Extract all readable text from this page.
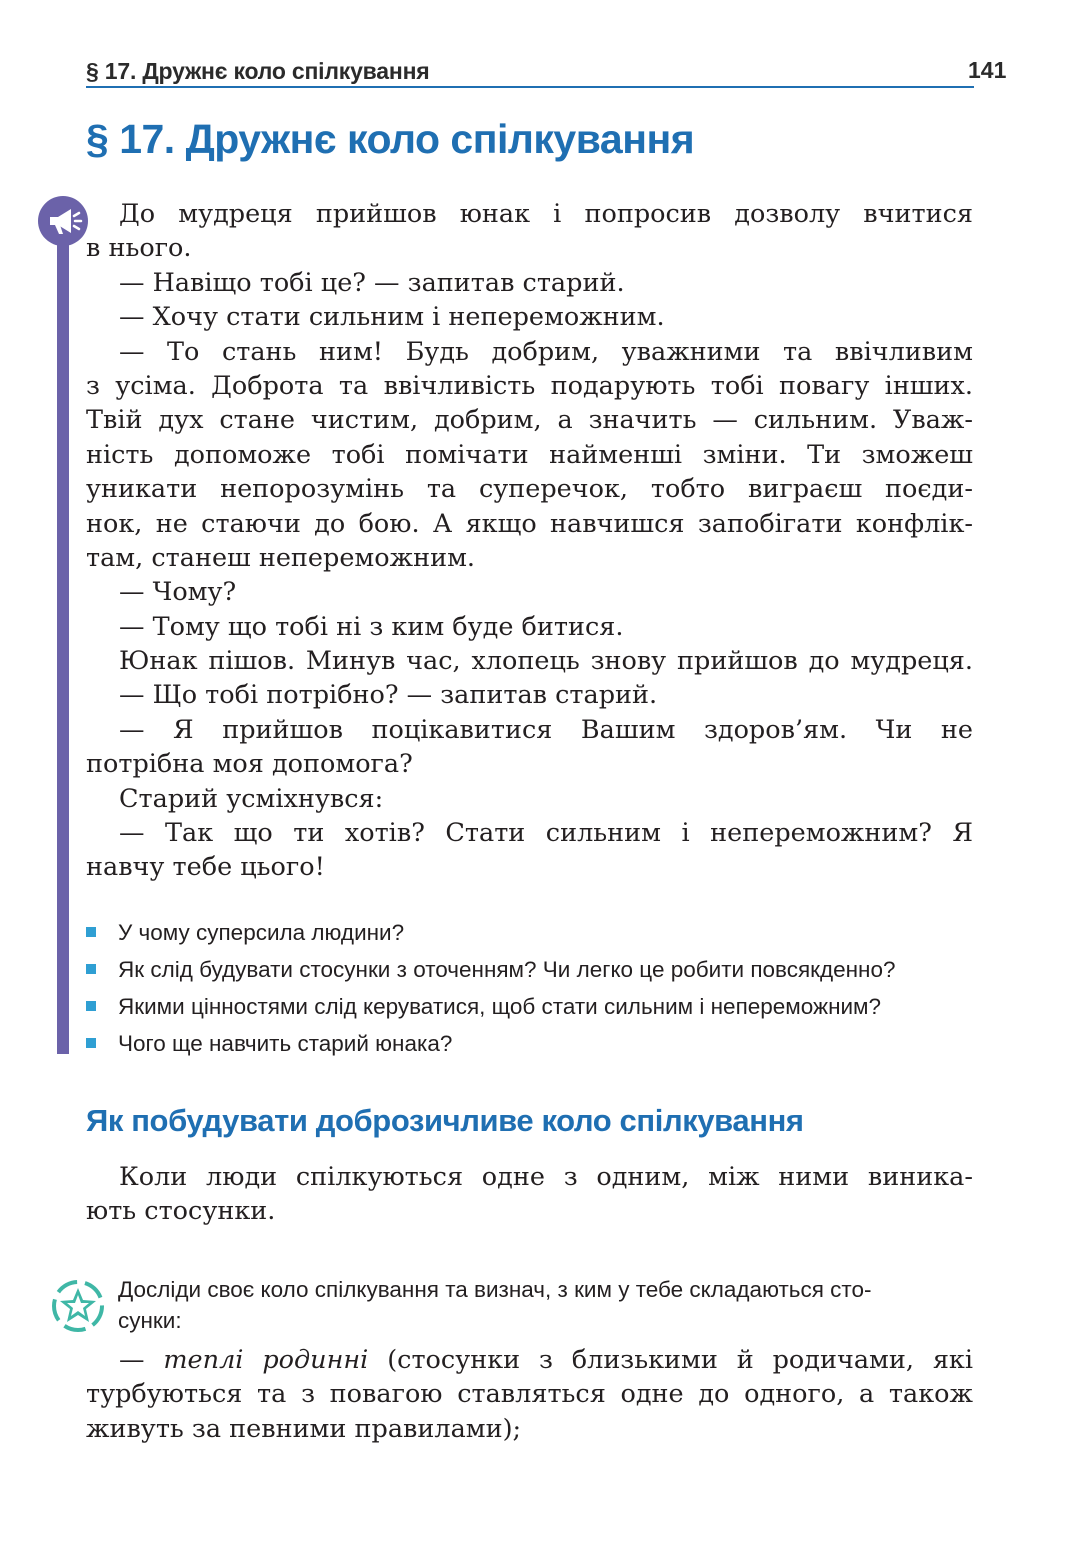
§ 17. Дружнє коло спілкування	141
§ 17. Дружнє коло спілкування

До мудреця прийшов юнак і попросив дозволу вчитися

в нього.

— Навіщо тобі це? — запитав старий.

— Хочу стати сильним і непереможним.

— То стань ним! Будь добрим, уважними та ввічливим

з усіма. Доброта та ввічливість подарують тобі повагу інших.

Твій дух стане чистим, добрим, а значить — сильним. Уваж-

ність допоможе тобі помічати найменші зміни. Ти зможеш

уникати непорозумінь та суперечок, тобто виграєш поєди-

нок, не стаючи до бою. А якщо навчишся запобігати конфлік-

там, станеш непереможним.

— Чому?

— Тому що тобі ні з ким буде битися.

Юнак пішов. Минув час, хлопець знову прийшов до мудреця.

— Що тобі потрібно? — запитав старий.

— Я прийшов поцікавитися Вашим здоров’ям. Чи не

потрібна моя допомога?

Старий усміхнувся:

— Так що ти хотів? Стати сильним і непереможним? Я

навчу тебе цього!

У чому суперсила людини?
Як слід будувати стосунки з оточенням? Чи легко це робити повсякденно?
Якими цінностями слід керуватися, щоб стати сильним і непереможним?
Чого ще навчить старий юнака?
Як побудувати доброзичливе коло спілкування

Коли люди спілкуються одне з одним, між ними виника-

ють стосунки.

Досліди своє коло спілкування та визнач, з ким у тебе складаються сто-

сунки:

— теплі родинні (стосунки з близькими й родичами, які

турбуються та з повагою ставляться одне до одного, а також

живуть за певними правилами);
